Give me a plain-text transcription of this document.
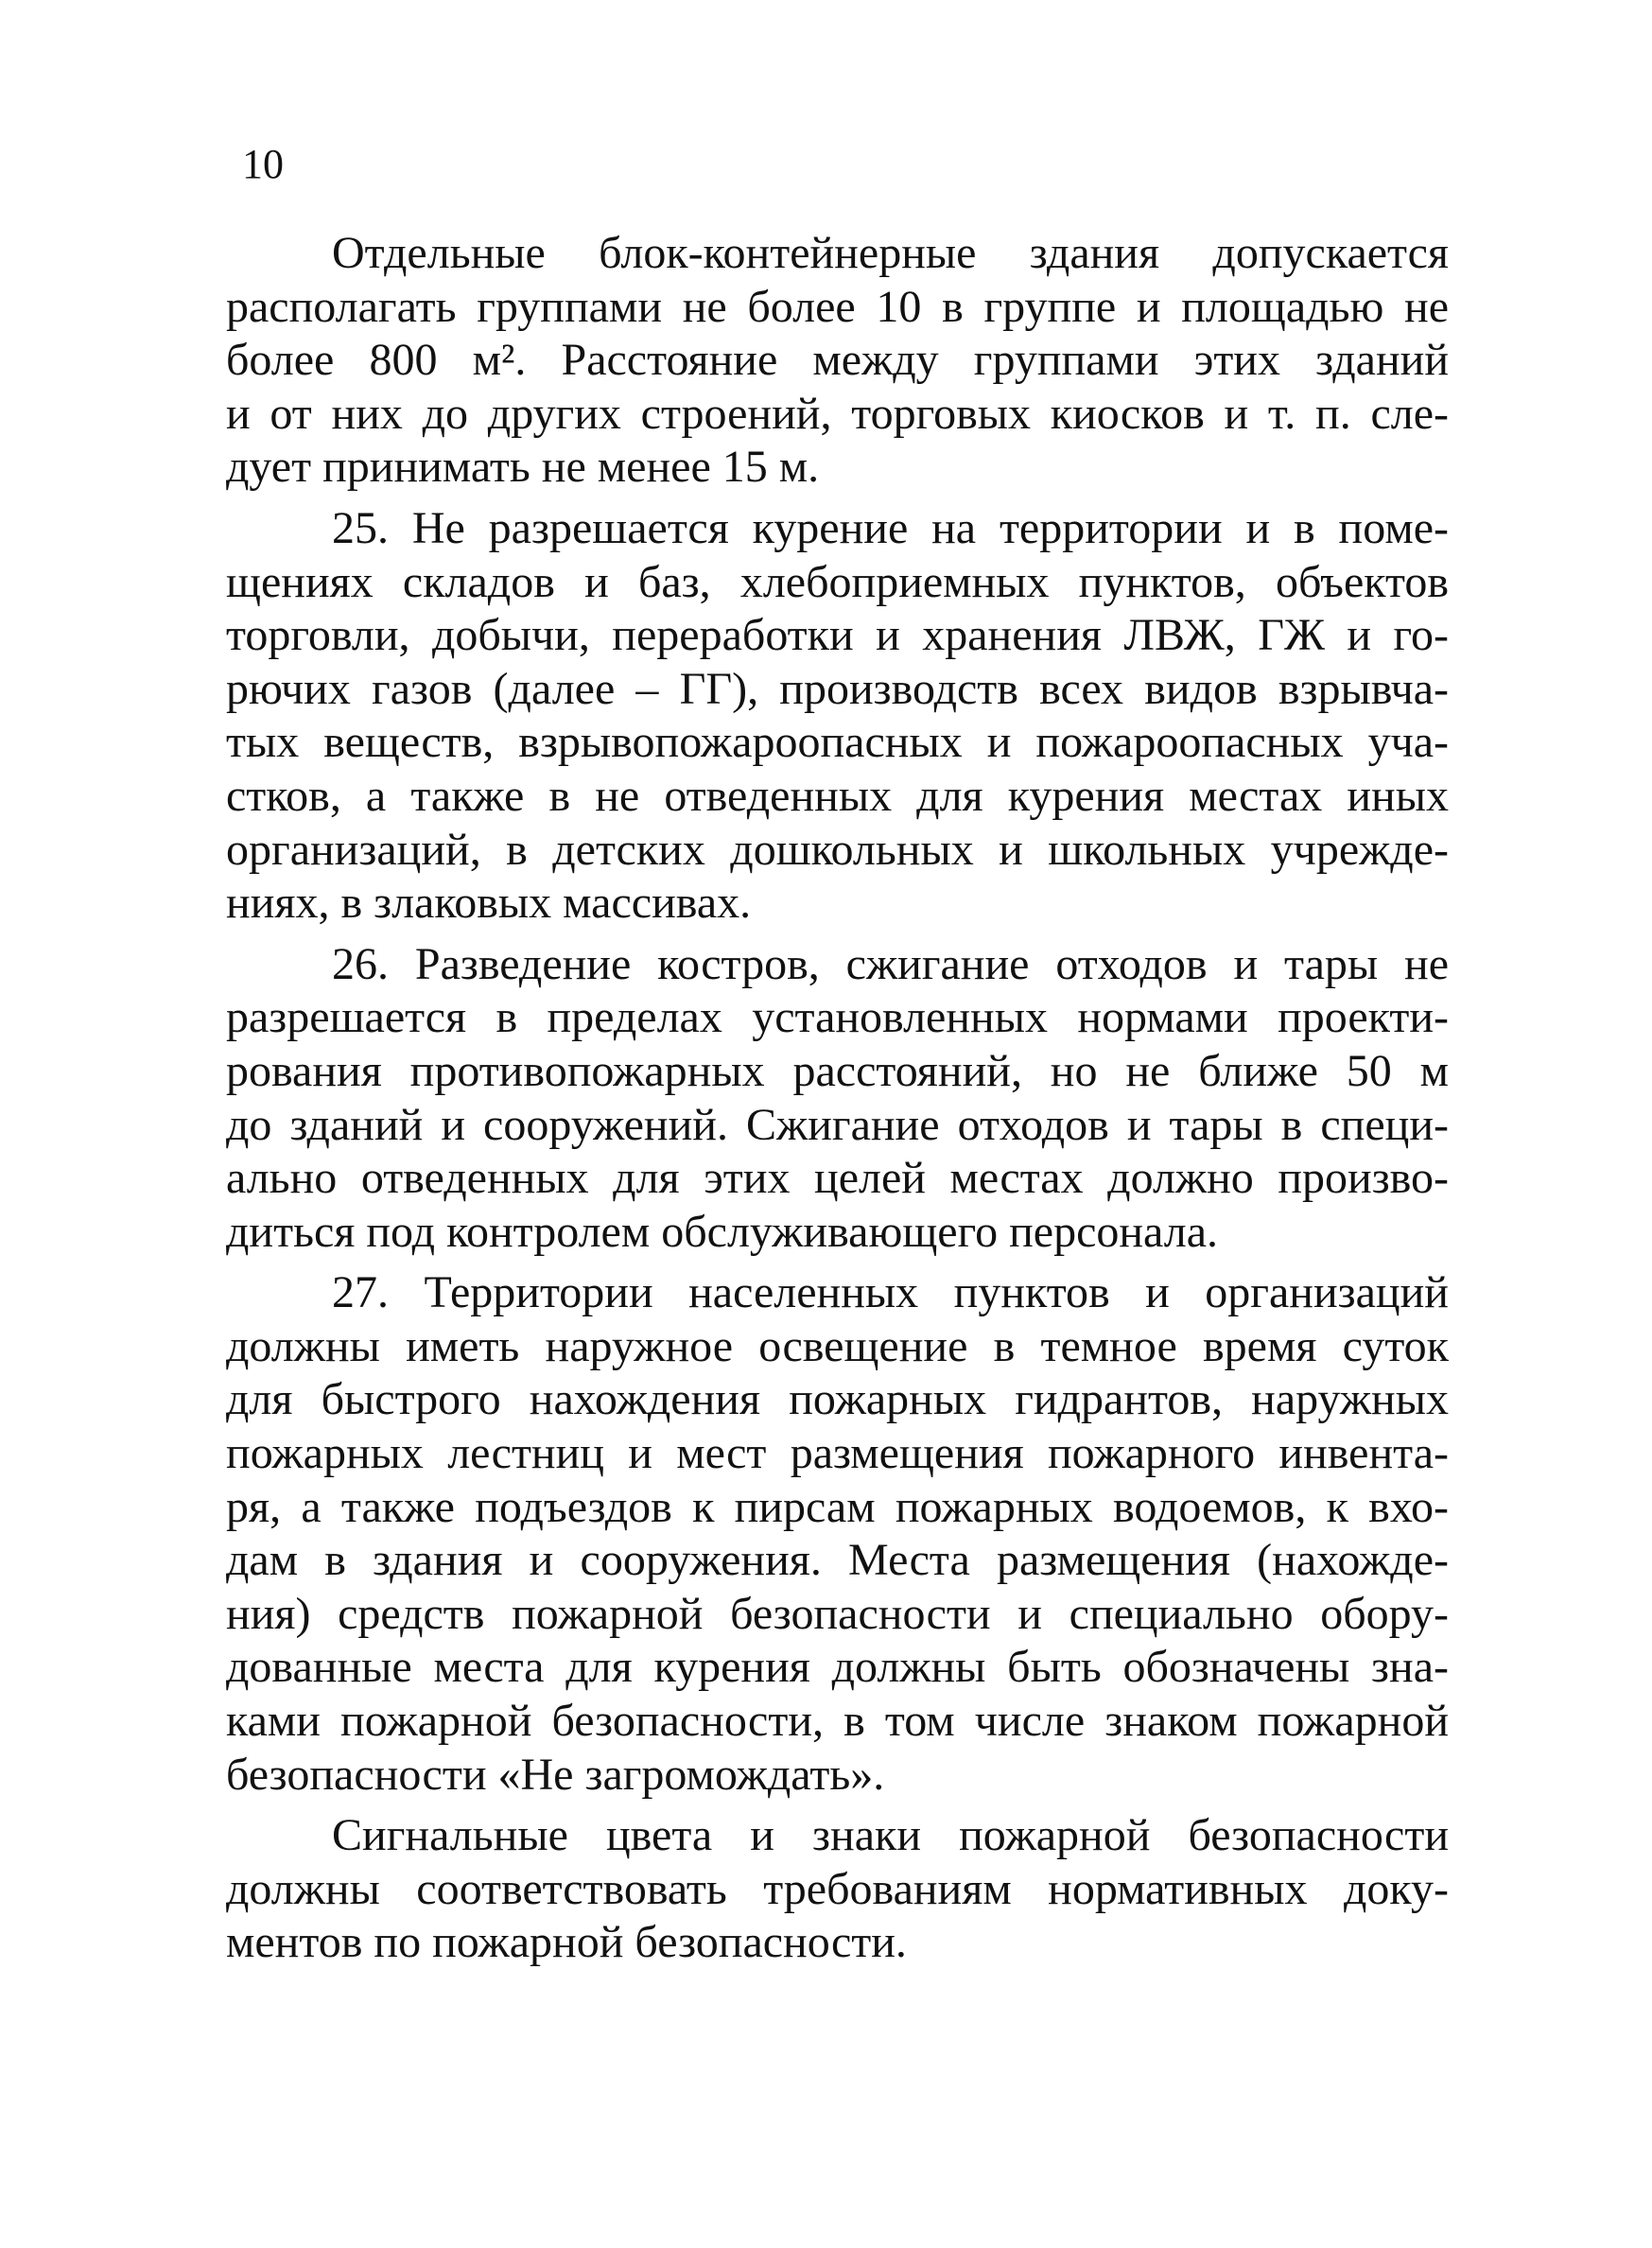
10

Отдельные блок-контейнерные здания допускается
располагать группами не более 10 в группе и площадью не
более 800 м². Расстояние между группами этих зданий
и от них до других строений, торговых киосков и т. п. сле-
дует принимать не менее 15 м.

25. Не разрешается курение на территории и в поме-
щениях складов и баз, хлебоприемных пунктов, объектов
торговли, добычи, переработки и хранения ЛВЖ, ГЖ и го-
рючих газов (далее – ГГ), производств всех видов взрывча-
тых веществ, взрывопожароопасных и пожароопасных уча-
стков, а также в не отведенных для курения местах иных
организаций, в детских дошкольных и школьных учрежде-
ниях, в злаковых массивах.

26. Разведение костров, сжигание отходов и тары не
разрешается в пределах установленных нормами проекти-
рования противопожарных расстояний, но не ближе 50 м
до зданий и сооружений. Сжигание отходов и тары в специ-
ально отведенных для этих целей местах должно произво-
диться под контролем обслуживающего персонала.

27. Территории населенных пунктов и организаций
должны иметь наружное освещение в темное время суток
для быстрого нахождения пожарных гидрантов, наружных
пожарных лестниц и мест размещения пожарного инвента-
ря, а также подъездов к пирсам пожарных водоемов, к вхо-
дам в здания и сооружения. Места размещения (нахожде-
ния) средств пожарной безопасности и специально обору-
дованные места для курения должны быть обозначены зна-
ками пожарной безопасности, в том числе знаком пожарной
безопасности «Не загромождать».

Сигнальные цвета и знаки пожарной безопасности
должны соответствовать требованиям нормативных доку-
ментов по пожарной безопасности.
